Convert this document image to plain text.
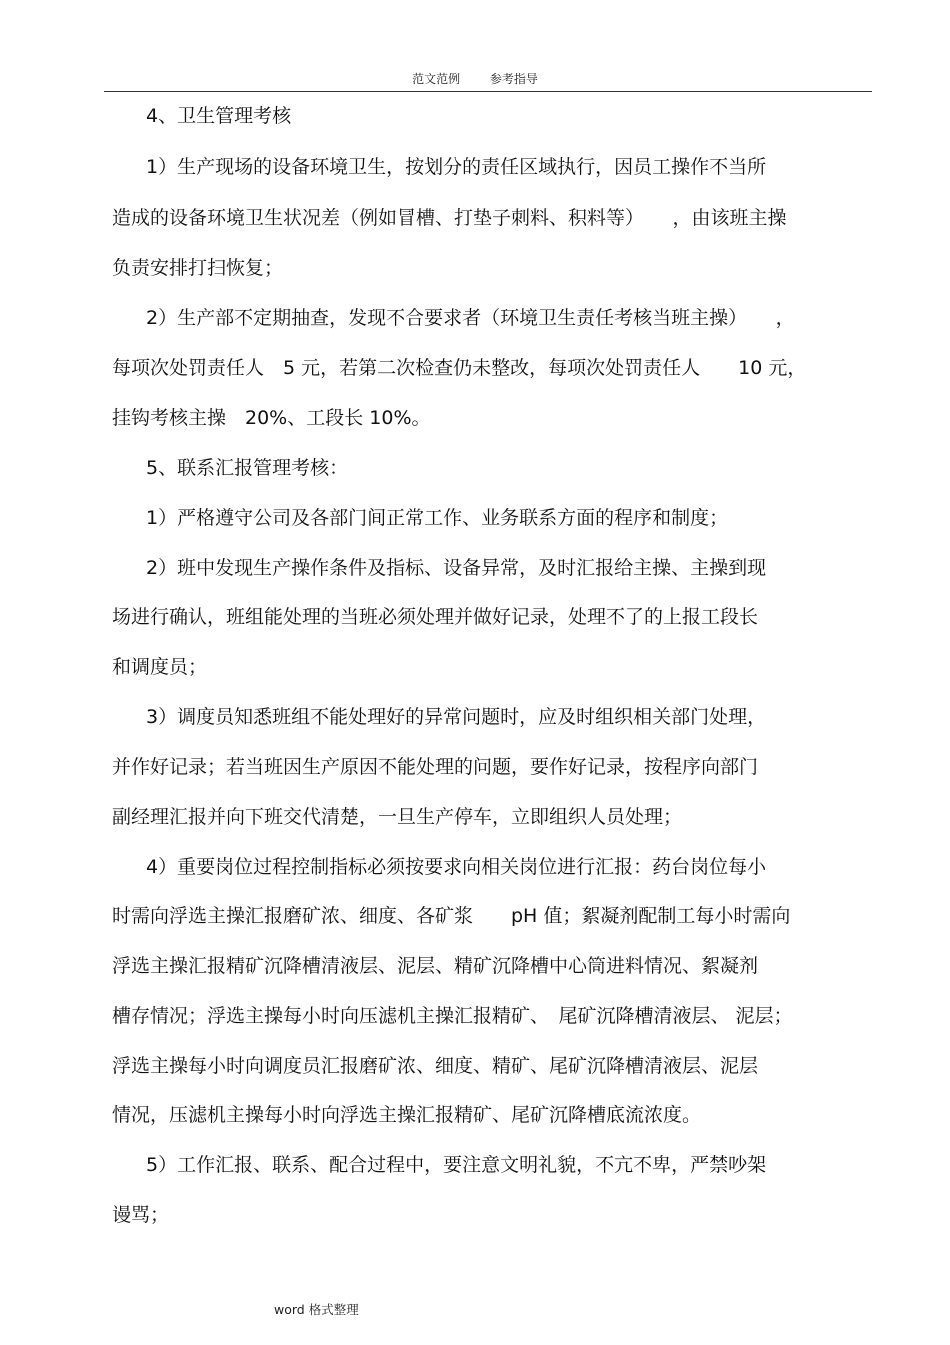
范文范例 参考指导
4、卫生管理考核
1）生产现场的设备环境卫生，按划分的责任区域执行，因员工操作不当所
造成的设备环境卫生状况差（例如冒槽、打垫子刺料、积料等）　　，由该班主操
负责安排打扫恢复；
2）生产部不定期抽查，发现不合要求者（环境卫生责任考核当班主操）　　，
每项次处罚责任人　5 元，若第二次检查仍未整改，每项次处罚责任人　　10 元，
挂钩考核主操　20%、工段长 10%。
5、联系汇报管理考核：
1）严格遵守公司及各部门间正常工作、业务联系方面的程序和制度；
2）班中发现生产操作条件及指标、设备异常，及时汇报给主操、主操到现
场进行确认，班组能处理的当班必须处理并做好记录，处理不了的上报工段长
和调度员；
3）调度员知悉班组不能处理好的异常问题时，应及时组织相关部门处理，
并作好记录；若当班因生产原因不能处理的问题，要作好记录，按程序向部门
副经理汇报并向下班交代清楚，一旦生产停车，立即组织人员处理；
4）重要岗位过程控制指标必须按要求向相关岗位进行汇报：药台岗位每小
时需向浮选主操汇报磨矿浓、细度、各矿浆　　pH 值；絮凝剂配制工每小时需向
浮选主操汇报精矿沉降槽清液层、泥层、精矿沉降槽中心筒进料情况、絮凝剂
槽存情况；浮选主操每小时向压滤机主操汇报精矿、　尾矿沉降槽清液层、 泥层；
浮选主操每小时向调度员汇报磨矿浓、细度、精矿、尾矿沉降槽清液层、泥层
情况，压滤机主操每小时向浮选主操汇报精矿、尾矿沉降槽底流浓度。
5）工作汇报、联系、配合过程中，要注意文明礼貌，不亢不卑，严禁吵架
谩骂；
word 格式整理
